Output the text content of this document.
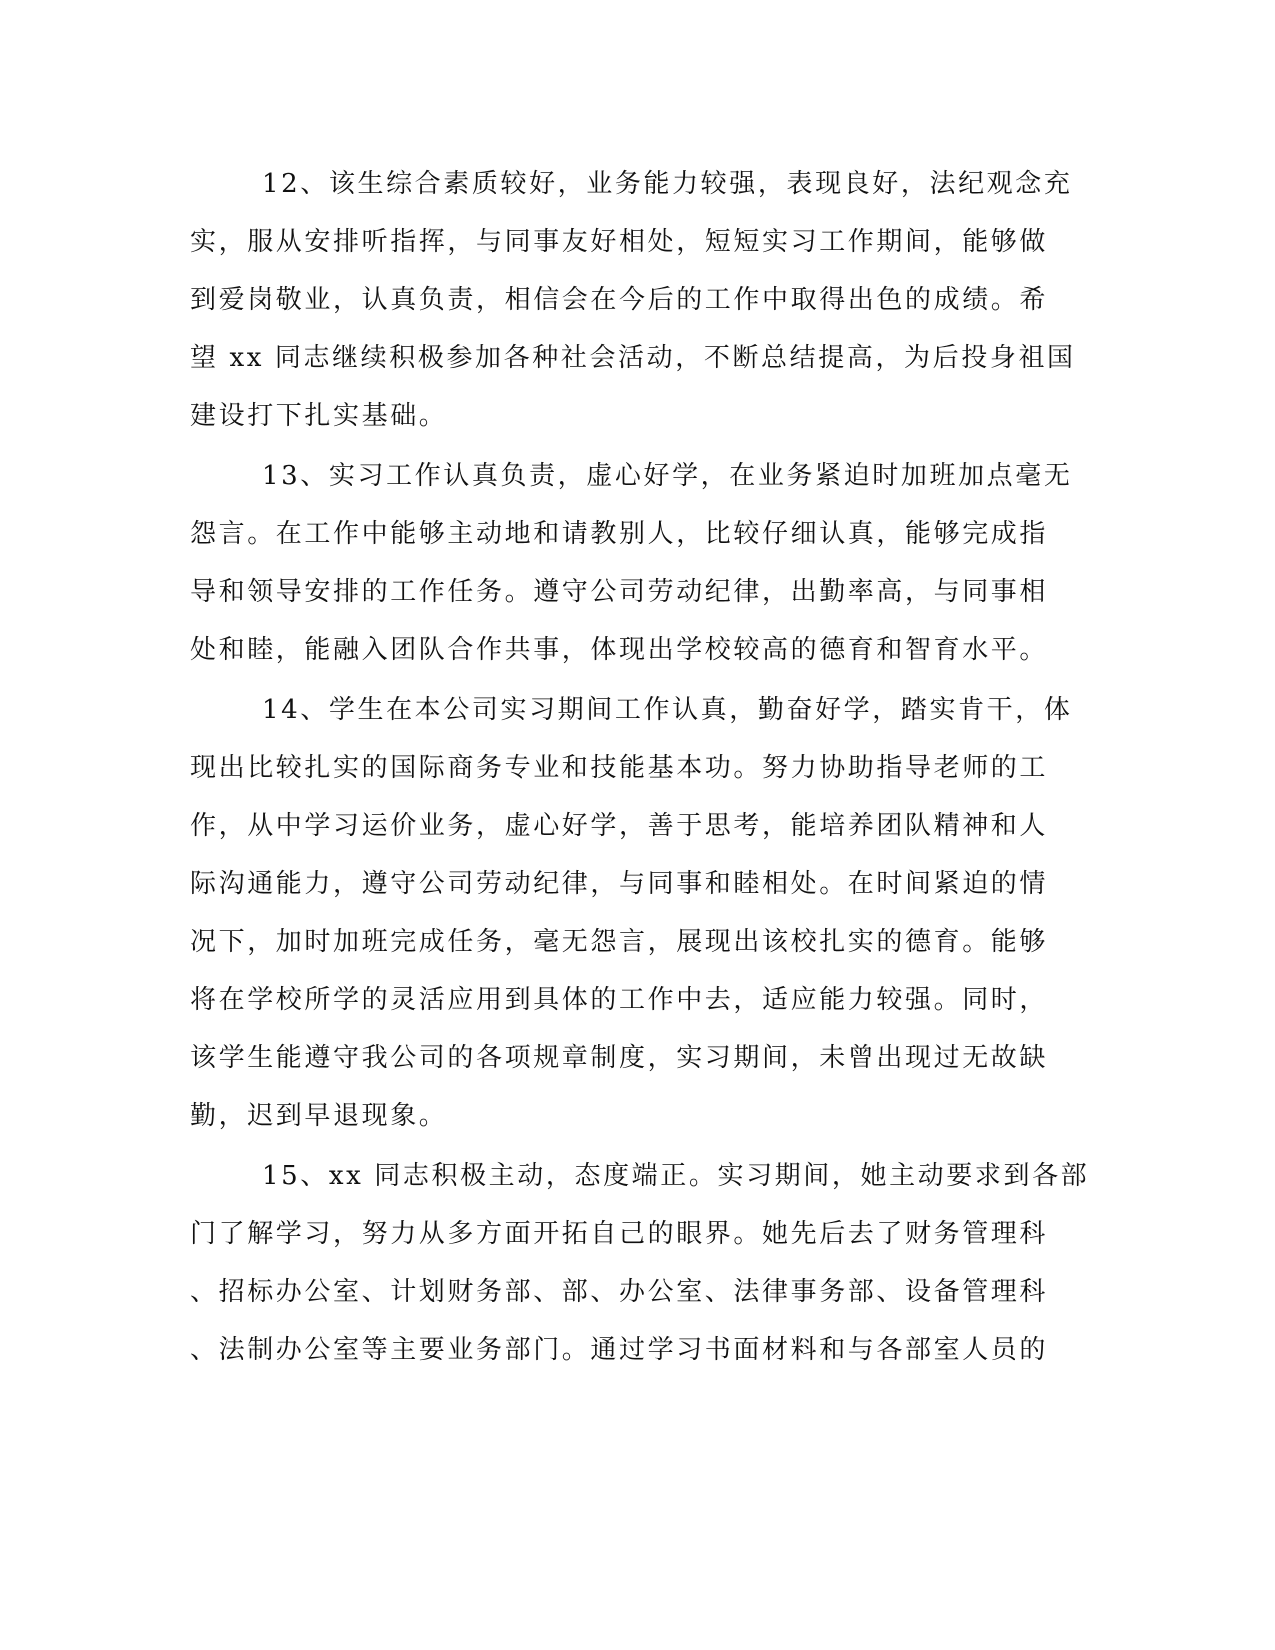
12、该生综合素质较好，业务能力较强，表现良好，法纪观念充
实，服从安排听指挥，与同事友好相处，短短实习工作期间，能够做
到爱岗敬业，认真负责，相信会在今后的工作中取得出色的成绩。希
望 xx 同志继续积极参加各种社会活动，不断总结提高，为后投身祖国
建设打下扎实基础。
13、实习工作认真负责，虚心好学，在业务紧迫时加班加点毫无
怨言。在工作中能够主动地和请教别人，比较仔细认真，能够完成指
导和领导安排的工作任务。遵守公司劳动纪律，出勤率高，与同事相
处和睦，能融入团队合作共事，体现出学校较高的德育和智育水平。
14、学生在本公司实习期间工作认真，勤奋好学，踏实肯干，体
现出比较扎实的国际商务专业和技能基本功。努力协助指导老师的工
作，从中学习运价业务，虚心好学，善于思考，能培养团队精神和人
际沟通能力，遵守公司劳动纪律，与同事和睦相处。在时间紧迫的情
况下，加时加班完成任务，毫无怨言，展现出该校扎实的德育。能够
将在学校所学的灵活应用到具体的工作中去，适应能力较强。同时，
该学生能遵守我公司的各项规章制度，实习期间，未曾出现过无故缺
勤，迟到早退现象。
15、xx 同志积极主动，态度端正。实习期间，她主动要求到各部
门了解学习，努力从多方面开拓自己的眼界。她先后去了财务管理科
、招标办公室、计划财务部、部、办公室、法律事务部、设备管理科
、法制办公室等主要业务部门。通过学习书面材料和与各部室人员的
